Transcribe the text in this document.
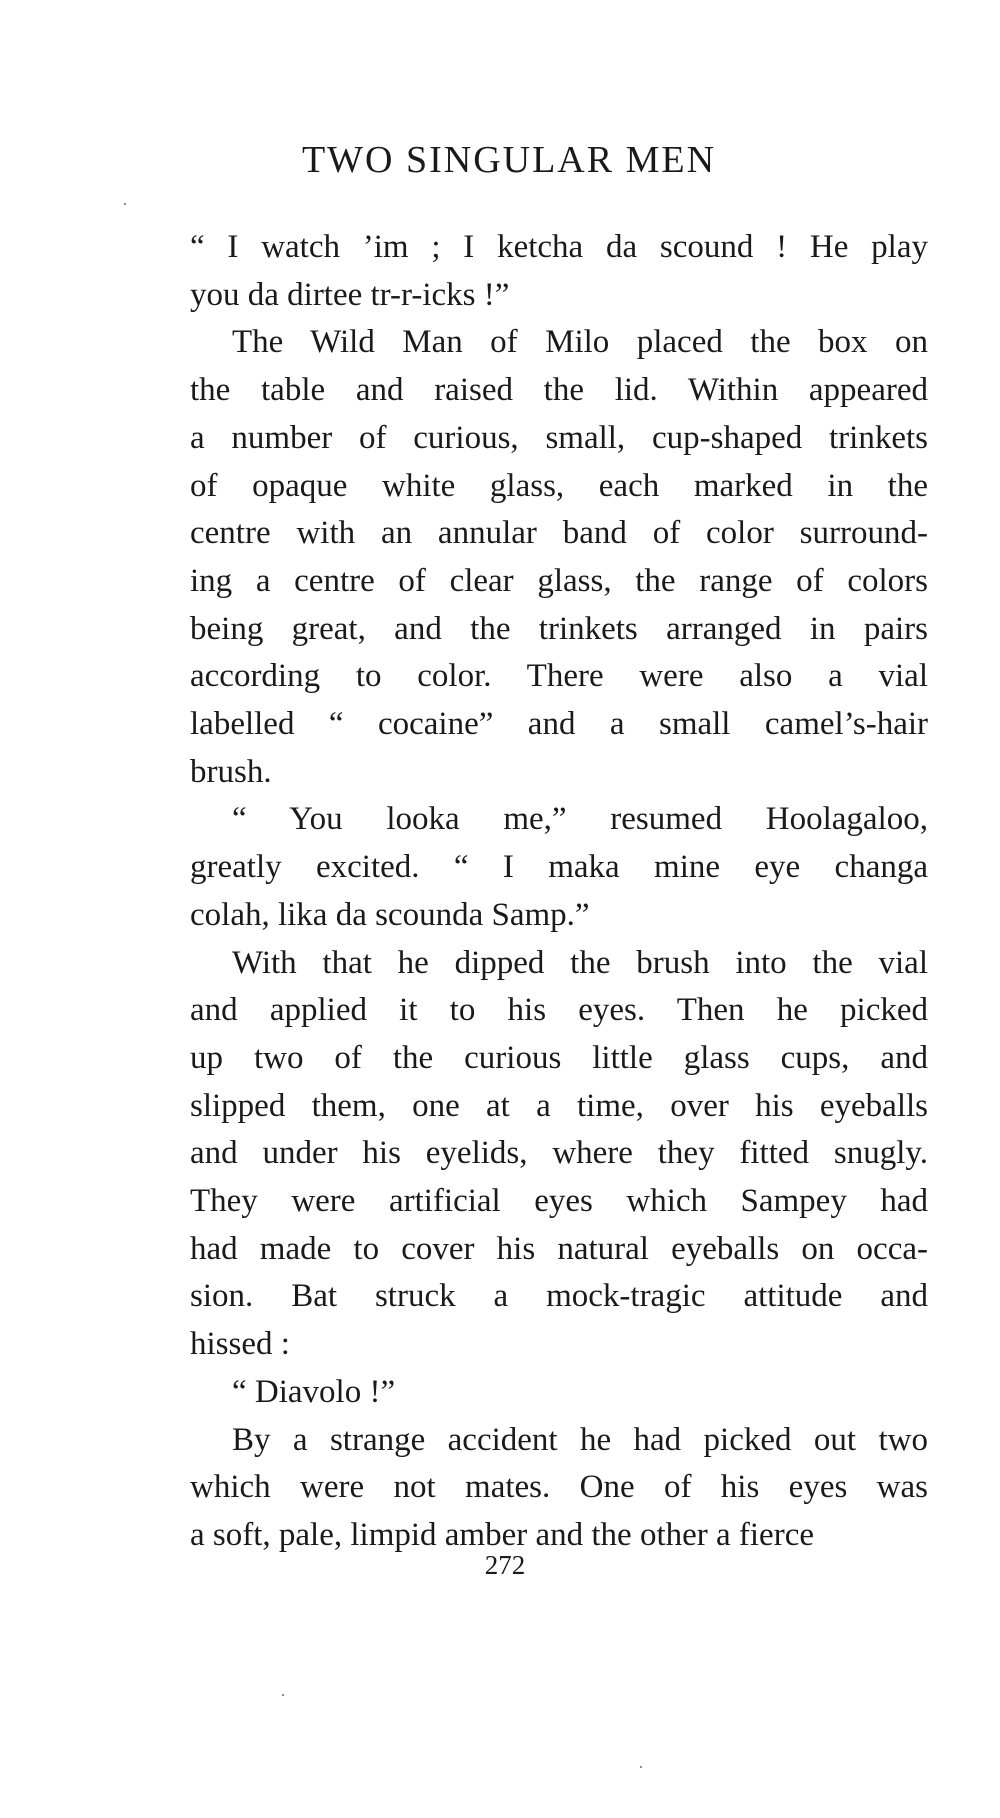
TWO SINGULAR MEN
“ I watch ’im ; I ketcha da scound ! He play
you da dirtee tr-r-icks !”
The Wild Man of Milo placed the box on
the table and raised the lid. Within appeared
a number of curious, small, cup-shaped trinkets
of opaque white glass, each marked in the
centre with an annular band of color surround-
ing a centre of clear glass, the range of colors
being great, and the trinkets arranged in pairs
according to color. There were also a vial
labelled “ cocaine” and a small camel’s-hair
brush.
“ You looka me,” resumed Hoolagaloo,
greatly excited. “ I maka mine eye changa
colah, lika da scounda Samp.”
With that he dipped the brush into the vial
and applied it to his eyes. Then he picked
up two of the curious little glass cups, and
slipped them, one at a time, over his eyeballs
and under his eyelids, where they fitted snugly.
They were artificial eyes which Sampey had
had made to cover his natural eyeballs on occa-
sion. Bat struck a mock-tragic attitude and
hissed :
“ Diavolo !”
By a strange accident he had picked out two
which were not mates. One of his eyes was
a soft, pale, limpid amber and the other a fierce
272
